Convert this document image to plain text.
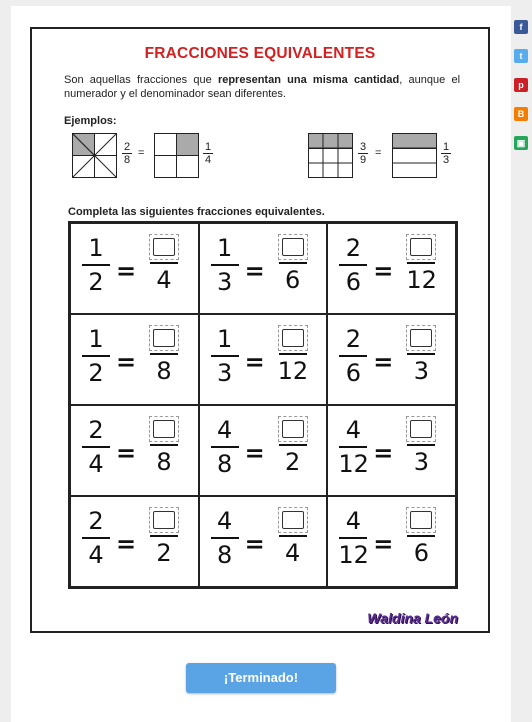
FRACCIONES EQUIVALENTES
Son aquellas fracciones que representan una misma cantidad, aunque el numerador y el denominador sean diferentes.
Ejemplos:
2
8
=	1
4
3
9
=	1
3
Completa las siguientes fracciones equivalentes.
1
2 = 4
1
3 = 6
2
6 = 12
1
2 = 8
1
3 = 12
2
6 = 3
2
4 = 8
4
8 = 2
4
12 = 3
2
4 = 2
4
8 = 4
4
12 = 6
Waldina León
¡Terminado!
f
t
p
B
▣
